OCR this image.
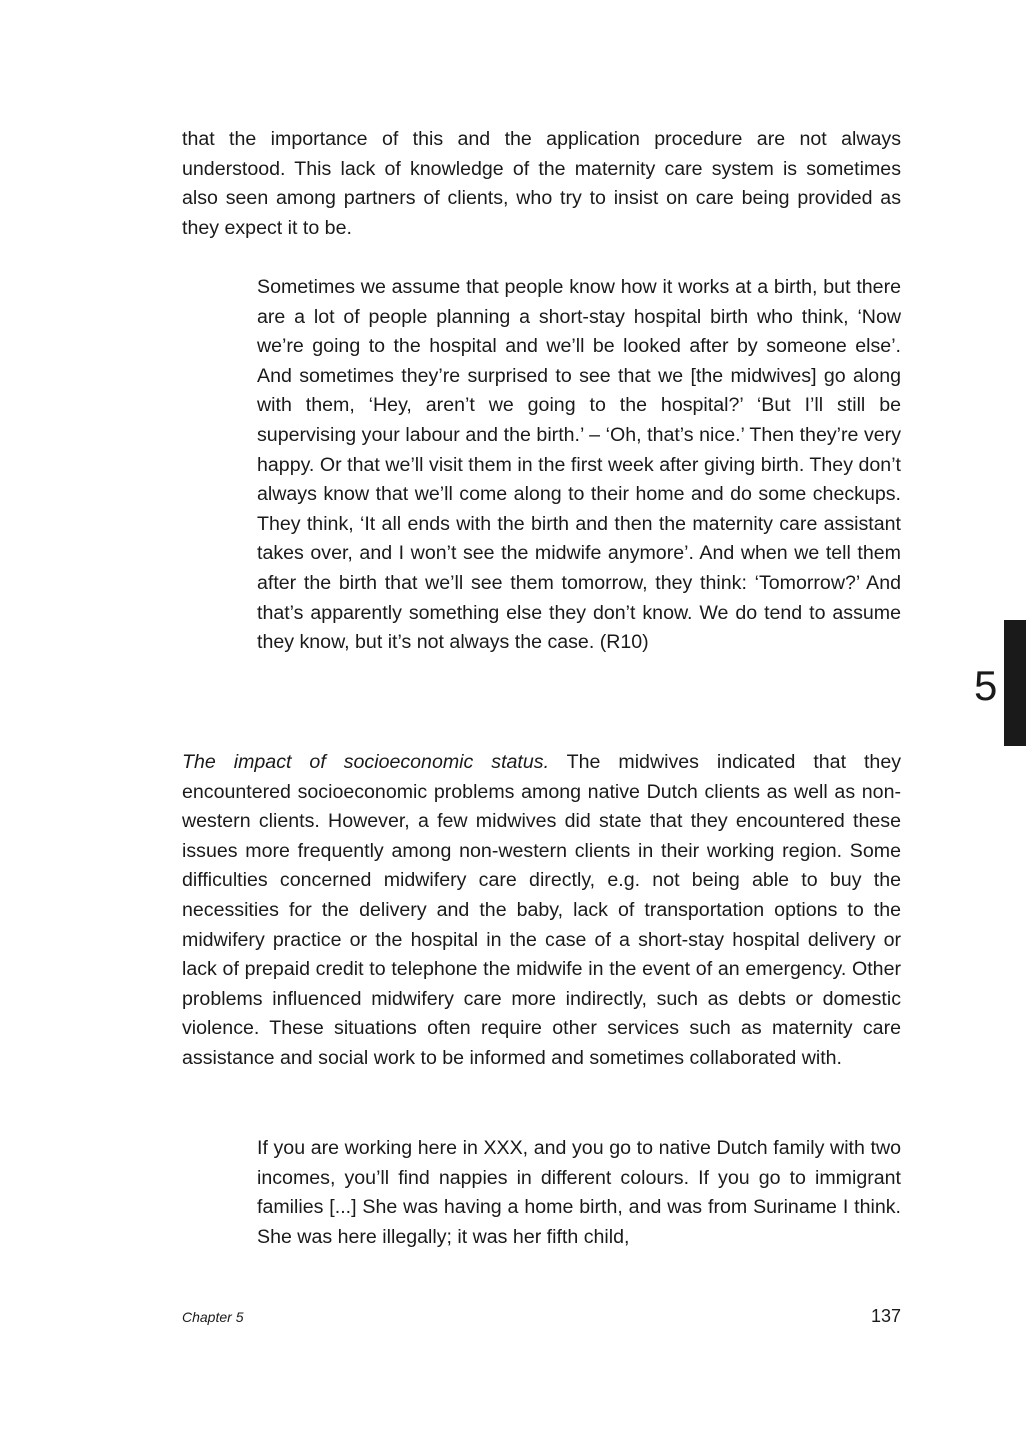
that the importance of this and the application procedure are not always understood. This lack of knowledge of the maternity care system is sometimes also seen among partners of clients, who try to insist on care being provided as they expect it to be.

Sometimes we assume that people know how it works at a birth, but there are a lot of people planning a short-stay hospital birth who think, ‘Now we’re going to the hospital and we’ll be looked after by someone else’. And sometimes they’re surprised to see that we [the midwives] go along with them, ‘Hey, aren’t we going to the hospital?’ ‘But I’ll still be supervising your labour and the birth.’ – ‘Oh, that’s nice.’ Then they’re very happy. Or that we’ll visit them in the first week after giving birth. They don’t always know that we’ll come along to their home and do some checkups. They think, ‘It all ends with the birth and then the maternity care assistant takes over, and I won’t see the midwife anymore’. And when we tell them after the birth that we’ll see them tomorrow, they think: ‘Tomorrow?’ And that’s apparently something else they don’t know. We do tend to assume they know, but it’s not always the case. (R10)

The impact of socioeconomic status. The midwives indicated that they encountered socioeconomic problems among native Dutch clients as well as non-western clients. However, a few midwives did state that they encountered these issues more frequently among non-western clients in their working region. Some difficulties concerned midwifery care directly, e.g. not being able to buy the necessities for the delivery and the baby, lack of transportation options to the midwifery practice or the hospital in the case of a short-stay hospital delivery or lack of prepaid credit to telephone the midwife in the event of an emergency. Other problems influenced midwifery care more indirectly, such as debts or domestic violence. These situations often require other services such as maternity care assistance and social work to be informed and sometimes collaborated with.

If you are working here in XXX, and you go to native Dutch family with two incomes, you’ll find nappies in different colours. If you go to immigrant families [...] She was having a home birth, and was from Suriname I think. She was here illegally; it was her fifth child,

5
Chapter 5	137
